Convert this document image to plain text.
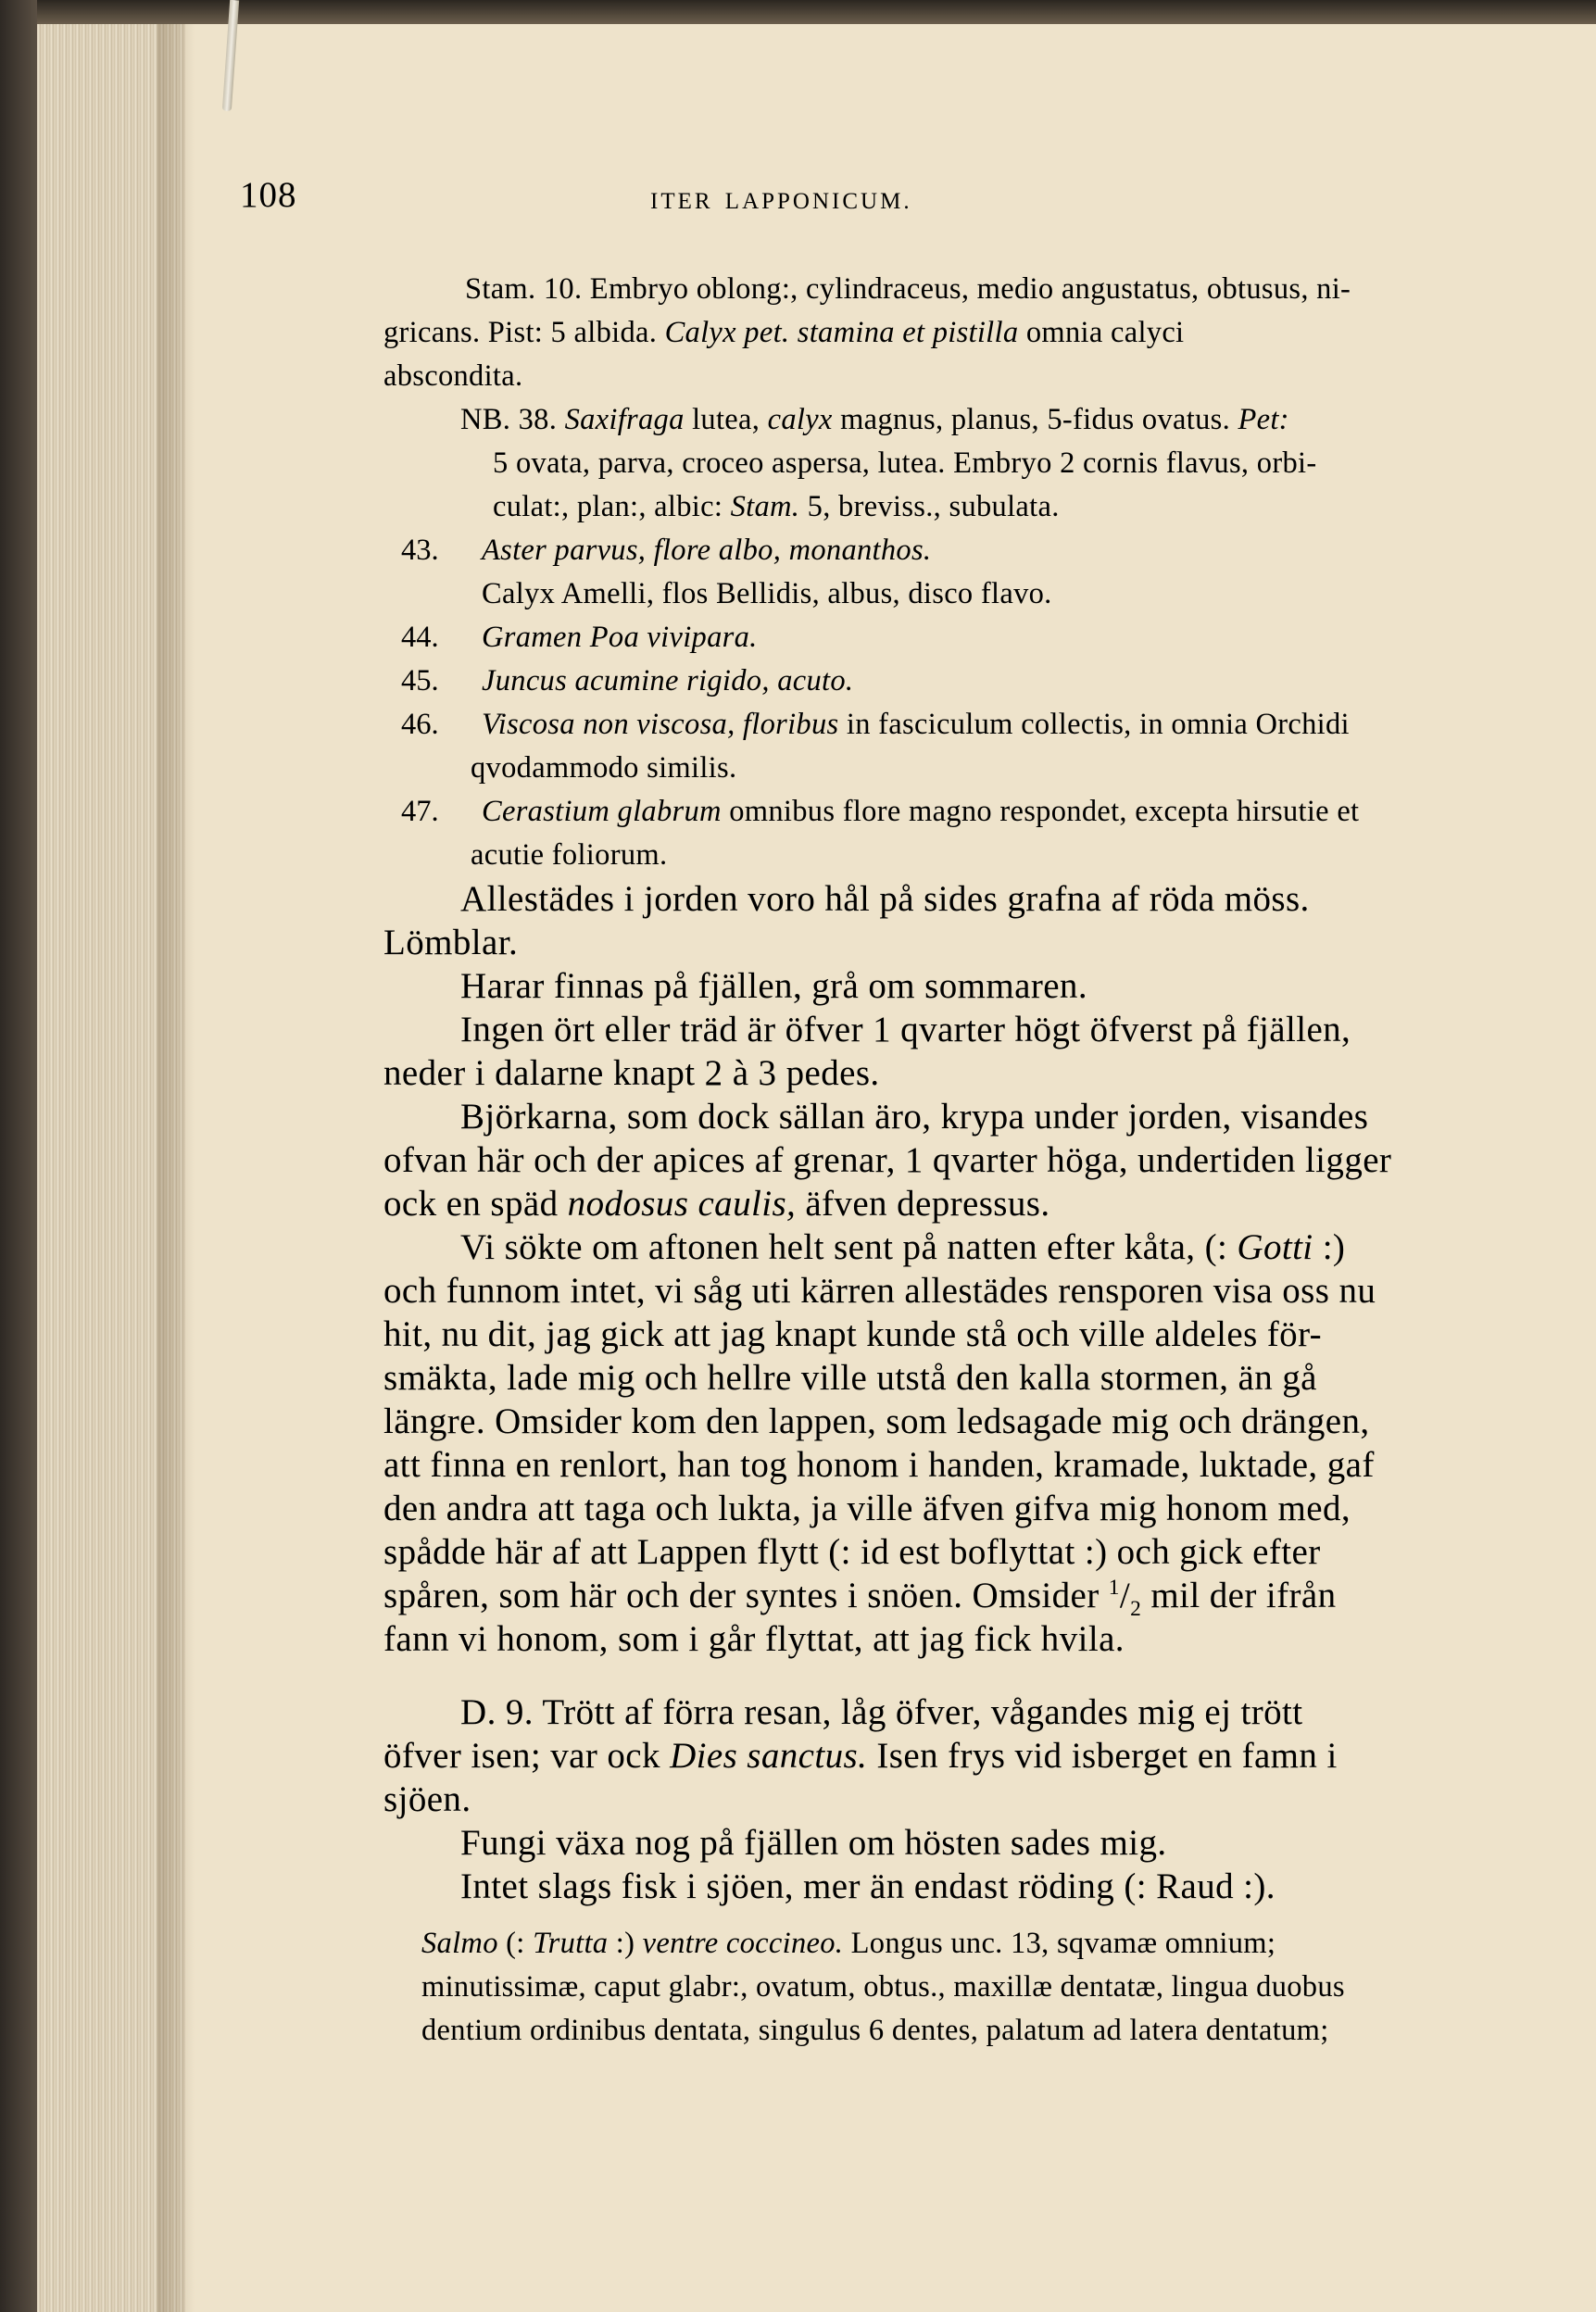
108	ITER LAPPONICUM.
Stam. 10. Embryo oblong:, cylindraceus, medio angustatus, obtusus, ni-
gricans. Pist: 5 albida. Calyx pet. stamina et pistilla omnia calyci
abscondita.
NB. 38. Saxifraga lutea, calyx magnus, planus, 5-fidus ovatus. Pet:
5 ovata, parva, croceo aspersa, lutea. Embryo 2 cornis flavus, orbi-
culat:, plan:, albic: Stam. 5, breviss., subulata.
43. Aster parvus, flore albo, monanthos.
Calyx Amelli, flos Bellidis, albus, disco flavo.
44. Gramen Poa vivipara.
45. Juncus acumine rigido, acuto.
46. Viscosa non viscosa, floribus in fasciculum collectis, in omnia Orchidi
qvodammodo similis.
47. Cerastium glabrum omnibus flore magno respondet, excepta hirsutie et
acutie foliorum.
Allestädes i jorden voro hål på sides grafna af röda möss.
Lömblar.
Harar finnas på fjällen, grå om sommaren.
Ingen ört eller träd är öfver 1 qvarter högt öfverst på fjällen,
neder i dalarne knapt 2 à 3 pedes.
Björkarna, som dock sällan äro, krypa under jorden, visandes
ofvan här och der apices af grenar, 1 qvarter höga, undertiden ligger
ock en späd nodosus caulis, äfven depressus.
Vi sökte om aftonen helt sent på natten efter kåta, (: Gotti :)
och funnom intet, vi såg uti kärren allestädes rensporen visa oss nu
hit, nu dit, jag gick att jag knapt kunde stå och ville aldeles för-
smäkta, lade mig och hellre ville utstå den kalla stormen, än gå
längre. Omsider kom den lappen, som ledsagade mig och drängen,
att finna en renlort, han tog honom i handen, kramade, luktade, gaf
den andra att taga och lukta, ja ville äfven gifva mig honom med,
spådde här af att Lappen flytt (: id est boflyttat :) och gick efter
spåren, som här och der syntes i snöen. Omsider $^1/_2$ mil der ifrån
fann vi honom, som i går flyttat, att jag fick hvila.
D. 9. Trött af förra resan, låg öfver, vågandes mig ej trött
öfver isen; var ock Dies sanctus. Isen frys vid isberget en famn i
sjöen.
Fungi växa nog på fjällen om hösten sades mig.
Intet slags fisk i sjöen, mer än endast röding (: Raud :).
Salmo (: Trutta :) ventre coccineo. Longus unc. 13, sqvamæ omnium;
minutissimæ, caput glabr:, ovatum, obtus., maxillæ dentatæ, lingua duobus
dentium ordinibus dentata, singulus 6 dentes, palatum ad latera dentatum;
